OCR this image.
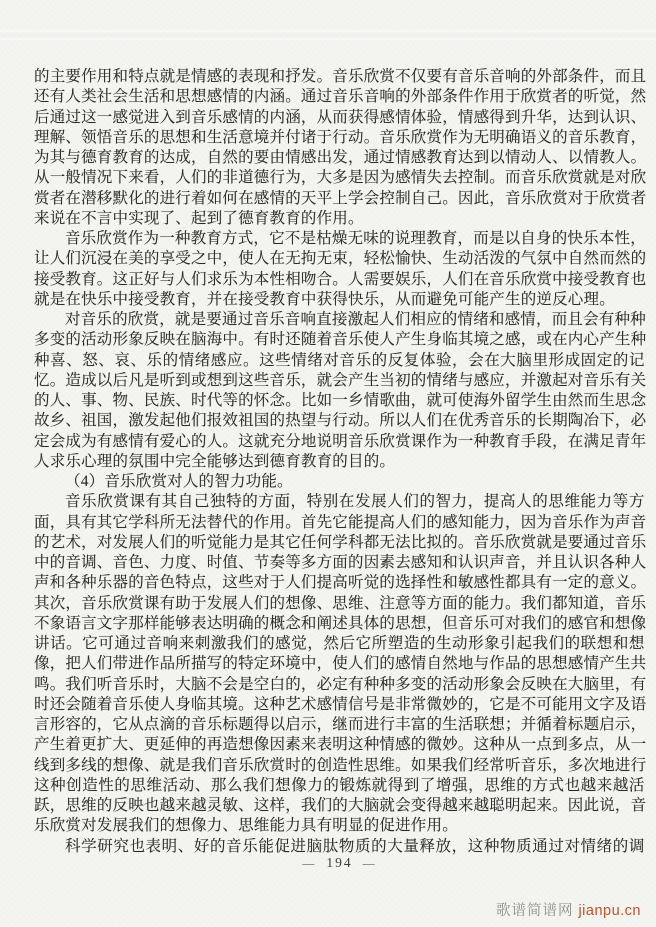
的主要作用和特点就是情感的表现和抒发。音乐欣赏不仅要有音乐音响的外部条件，而且
还有人类社会生活和思想感情的内涵。通过音乐音响的外部条件作用于欣赏者的听觉，然
后通过这一感觉进入到音乐感情的内涵，从而获得感情体验，情感得到升华，达到认识、
理解、领悟音乐的思想和生活意境并付诸于行动。音乐欣赏作为无明确语义的音乐教育，
为其与德育教育的达成，自然的要由情感出发，通过情感教育达到以情动人、以情教人。
从一般情况下来看，人们的非道德行为，大多是因为感情失去控制。而音乐欣赏就是对欣
赏者在潜移默化的进行着如何在感情的天平上学会控制自己。因此，音乐欣赏对于欣赏者
来说在不言中实现了、起到了德育教育的作用。
音乐欣赏作为一种教育方式，它不是枯燥无味的说理教育，而是以自身的快乐本性，
让人们沉浸在美的享受之中，使人在无拘无束，轻松愉快、生动活泼的气氛中自然而然的
接受教育。这正好与人们求乐为本性相吻合。人需要娱乐，人们在音乐欣赏中接受教育也
就是在快乐中接受教育，并在接受教育中获得快乐，从而避免可能产生的逆反心理。
对音乐的欣赏，就是要通过音乐音响直接激起人们相应的情绪和感情，而且会有种种
多变的活动形象反映在脑海中。有时还随着音乐使人产生身临其境之感，或在内心产生种
种喜、怒、哀、乐的情绪感应。这些情绪对音乐的反复体验，会在大脑里形成固定的记
忆。造成以后凡是听到或想到这些音乐，就会产生当初的情绪与感应，并激起对音乐有关
的人、事、物、民族、时代等的怀念。比如一乡情歌曲，就可使海外留学生由然而生思念
故乡、祖国，激发起他们报效祖国的热望与行动。所以人们在优秀音乐的长期陶冶下，必
定会成为有感情有爱心的人。这就充分地说明音乐欣赏课作为一种教育手段，在满足青年
人求乐心理的氛围中完全能够达到德育教育的目的。
（4）音乐欣赏对人的智力功能。
音乐欣赏课有其自己独特的方面，特别在发展人们的智力，提高人的思维能力等方
面，具有其它学科所无法替代的作用。首先它能提高人们的感知能力，因为音乐作为声音
的艺术，对发展人们的听觉能力是其它任何学科都无法比拟的。音乐欣赏就是要通过音乐
中的音调、音色、力度、时值、节奏等多方面的因素去感知和认识声音，并且认识各种人
声和各种乐器的音色特点，这些对于人们提高听觉的选择性和敏感性都具有一定的意义。
其次，音乐欣赏课有助于发展人们的想像、思维、注意等方面的能力。我们都知道，音乐
不象语言文字那样能够表达明确的概念和阐述具体的思想，但音乐可对我们的感官和想像
讲话。它可通过音响来刺激我们的感觉，然后它所塑造的生动形象引起我们的联想和想
像，把人们带进作品所描写的特定环境中，使人们的感情自然地与作品的思想感情产生共
鸣。我们听音乐时，大脑不会是空白的，必定有种种多变的活动形象会反映在大脑里，有
时还会随着音乐使人身临其境。这种艺术感情信号是非常微妙的，它是不可能用文字及语
言形容的，它从点滴的音乐标题得以启示，继而进行丰富的生活联想；并循着标题启示，
产生着更扩大、更延伸的再造想像因素来表明这种情感的微妙。这种从一点到多点，从一
线到多线的想像、就是我们音乐欣赏时的创造性思维。如果我们经常听音乐，多次地进行
这种创造性的思维活动、那么我们想像力的锻炼就得到了增强，思维的方式也越来越活
跃，思维的反映也越来越灵敏、这样，我们的大脑就会变得越来越聪明起来。因此说，音
乐欣赏对发展我们的想像力、思维能力具有明显的促进作用。
科学研究也表明、好的音乐能促进脑肽物质的大量释放，这种物质通过对情绪的调
— 194 —
歌谱简谱网 jianpu.cn
